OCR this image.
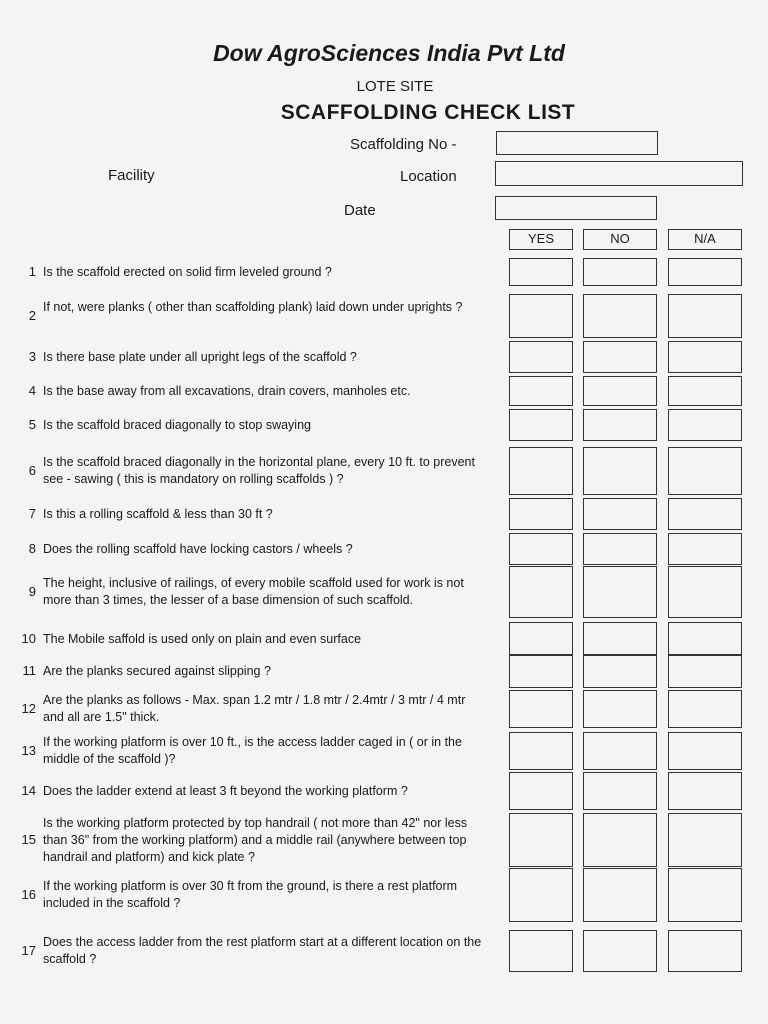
Dow AgroSciences India Pvt Ltd
LOTE SITE
SCAFFOLDING CHECK LIST
Scaffolding No -
Facility	Location
Date
YES	NO	N/A
1 Is the scaffold erected on solid firm leveled ground ?
2
If not, were planks ( other than scaffolding plank) laid down under uprights ?
3 Is there base plate under all upright legs of the scaffold ?
4 Is the base away from all excavations, drain covers, manholes etc.
5 Is the scaffold braced diagonally to stop swaying
6
Is the scaffold braced diagonally in the horizontal plane, every 10 ft. to prevent see - sawing ( this is mandatory on rolling scaffolds ) ?
7 Is this a rolling scaffold & less than 30 ft ?
8 Does the rolling scaffold have locking castors / wheels ?
9
The height, inclusive of railings, of every mobile scaffold used for work is not more than 3 times, the lesser of a base dimension of such scaffold.
10 The Mobile saffold is used only on plain and even surface
11 Are the planks secured against slipping ?
12
Are the planks as follows - Max. span 1.2 mtr / 1.8 mtr / 2.4mtr / 3 mtr / 4 mtr and all are 1.5" thick.
13
If the working platform is over 10 ft., is the access ladder caged in ( or in the middle of the scaffold )?
14 Does the ladder extend at least 3 ft beyond the working platform ?
15
Is the working platform protected by top handrail ( not more than 42" nor less than 36" from the working platform) and a middle rail (anywhere between top handrail and platform) and kick plate ?
16
If the working platform is over 30 ft from the ground, is there a rest platform included in the scaffold ?
17
Does the access ladder from the rest platform start at a different location on the scaffold ?
